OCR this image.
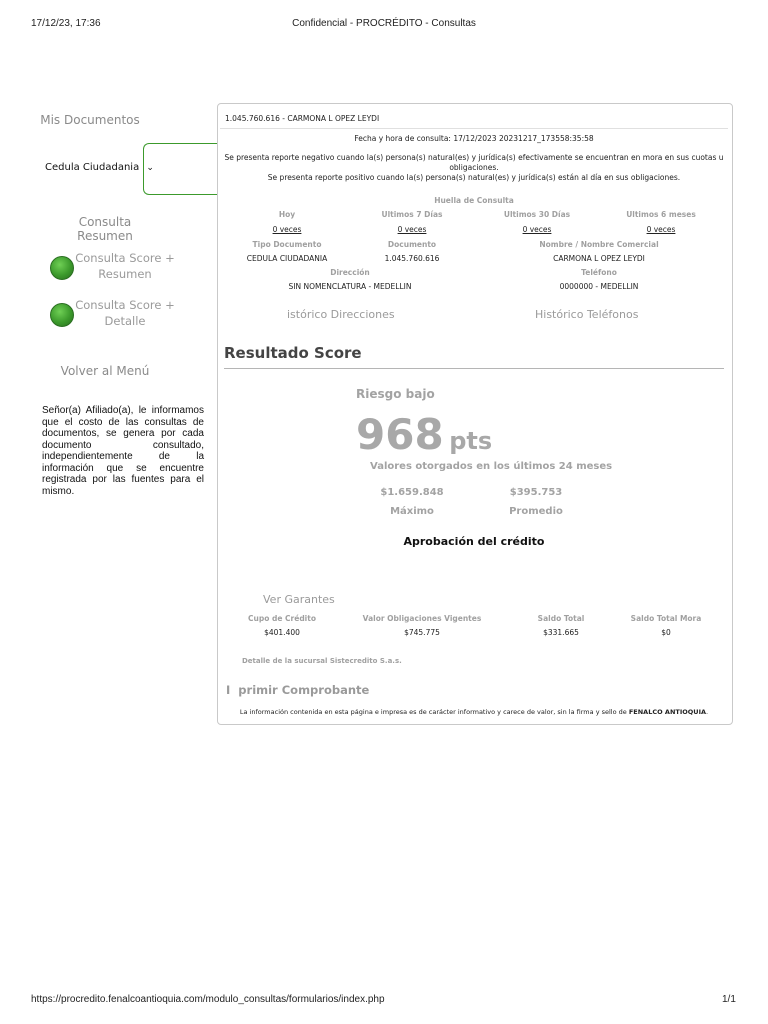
17/12/23, 17:36	Confidencial - PROCRÉDITO - Consultas
Mis Documentos
Cedula Ciudadania ⌄
Consulta Resumen
Consulta Score +
Resumen
Consulta Score +
Detalle
Volver al Menú
Señor(a) Afiliado(a), le informamos que el costo de las consultas de documentos, se genera por cada documento consultado, independientemente de la información que se encuentre registrada por las fuentes para el mismo.
1.045.760.616 - CARMONA L OPEZ LEYDI
Fecha y hora de consulta: 17/12/2023 20231217_173558:35:58
Se presenta reporte negativo cuando la(s) persona(s) natural(es) y jurídica(s) efectivamente se encuentran en mora en sus cuotas u obligaciones.
Se presenta reporte positivo cuando la(s) persona(s) natural(es) y jurídica(s) están al día en sus obligaciones.
Huella de Consulta
Hoy	Ultimos 7 Días	Ultimos 30 Días	Ultimos 6 meses
0 veces	0 veces	0 veces	0 veces
Tipo Documento	Documento	Nombre / Nombre Comercial
CEDULA CIUDADANIA	1.045.760.616	CARMONA L OPEZ LEYDI
Dirección	Teléfono
SIN NOMENCLATURA - MEDELLIN	0000000 - MEDELLIN
istórico Direcciones	Histórico Teléfonos
Resultado Score
Riesgo bajo
968 pts
Valores otorgados en los últimos 24 meses
$1.659.848
Máximo
$395.753
Promedio
Aprobación del crédito
Ver Garantes
Cupo de Crédito	Valor Obligaciones Vigentes	Saldo Total	Saldo Total Mora
$401.400	$745.775	$331.665	$0
Detalle de la sucursal Sistecredito S.a.s.
I  primir Comprobante
La información contenida en esta página e impresa es de carácter informativo y carece de valor, sin la firma y sello de FENALCO ANTIOQUIA.
https://procredito.fenalcoantioquia.com/modulo_consultas/formularios/index.php	1/1
